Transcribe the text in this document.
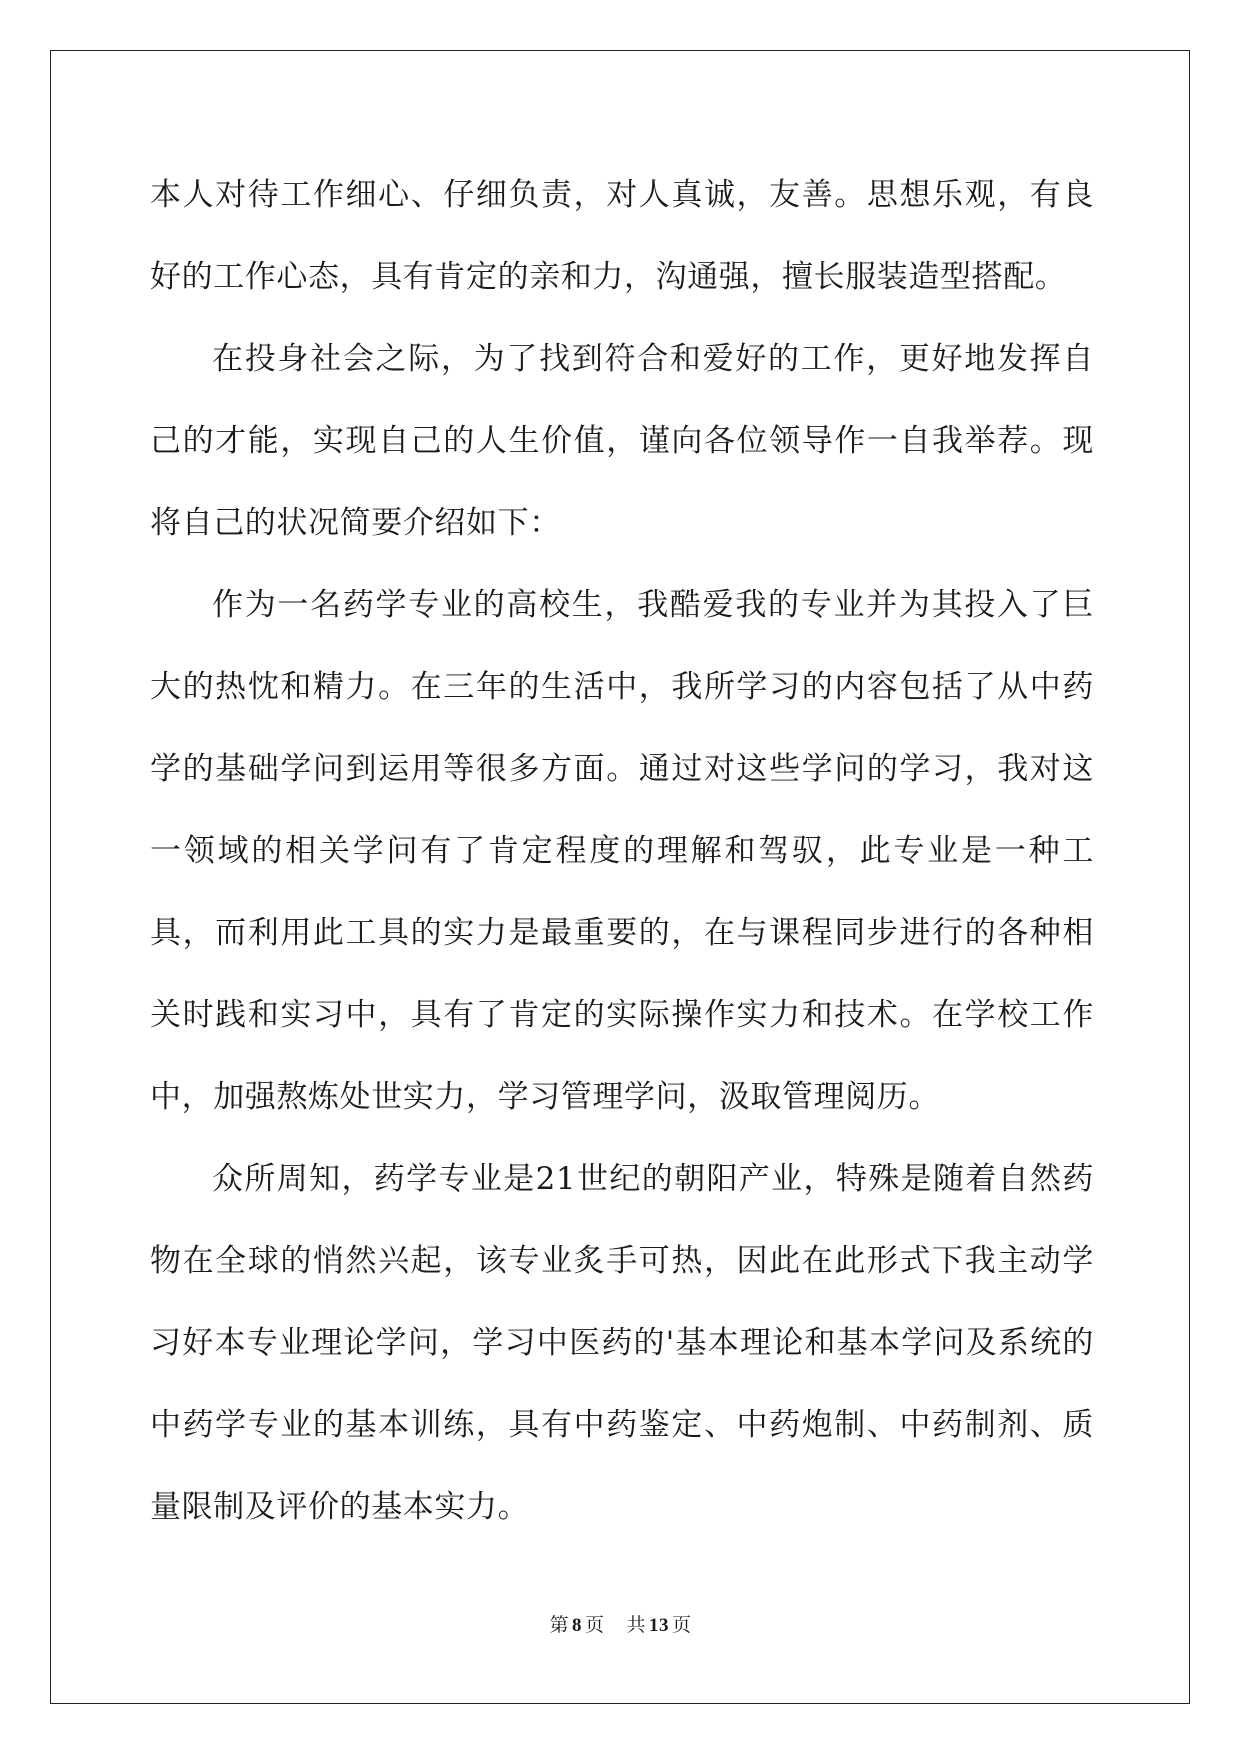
本人对待工作细心、仔细负责，对人真诚，友善。思想乐观，有良好的工作心态，具有肯定的亲和力，沟通强，擅长服装造型搭配。

在投身社会之际，为了找到符合和爱好的工作，更好地发挥自己的才能，实现自己的人生价值，谨向各位领导作一自我举荐。现将自己的状况简要介绍如下：

作为一名药学专业的高校生，我酷爱我的专业并为其投入了巨大的热忱和精力。在三年的生活中，我所学习的内容包括了从中药学的基础学问到运用等很多方面。通过对这些学问的学习，我对这一领域的相关学问有了肯定程度的理解和驾驭，此专业是一种工具，而利用此工具的实力是最重要的，在与课程同步进行的各种相关时践和实习中，具有了肯定的实际操作实力和技术。在学校工作中，加强熬炼处世实力，学习管理学问，汲取管理阅历。

众所周知，药学专业是21世纪的朝阳产业，特殊是随着自然药物在全球的悄然兴起，该专业炙手可热，因此在此形式下我主动学习好本专业理论学问，学习中医药的'基本理论和基本学问及系统的中药学专业的基本训练，具有中药鉴定、中药炮制、中药制剂、质量限制及评价的基本实力。

第 8 页 共 13 页
